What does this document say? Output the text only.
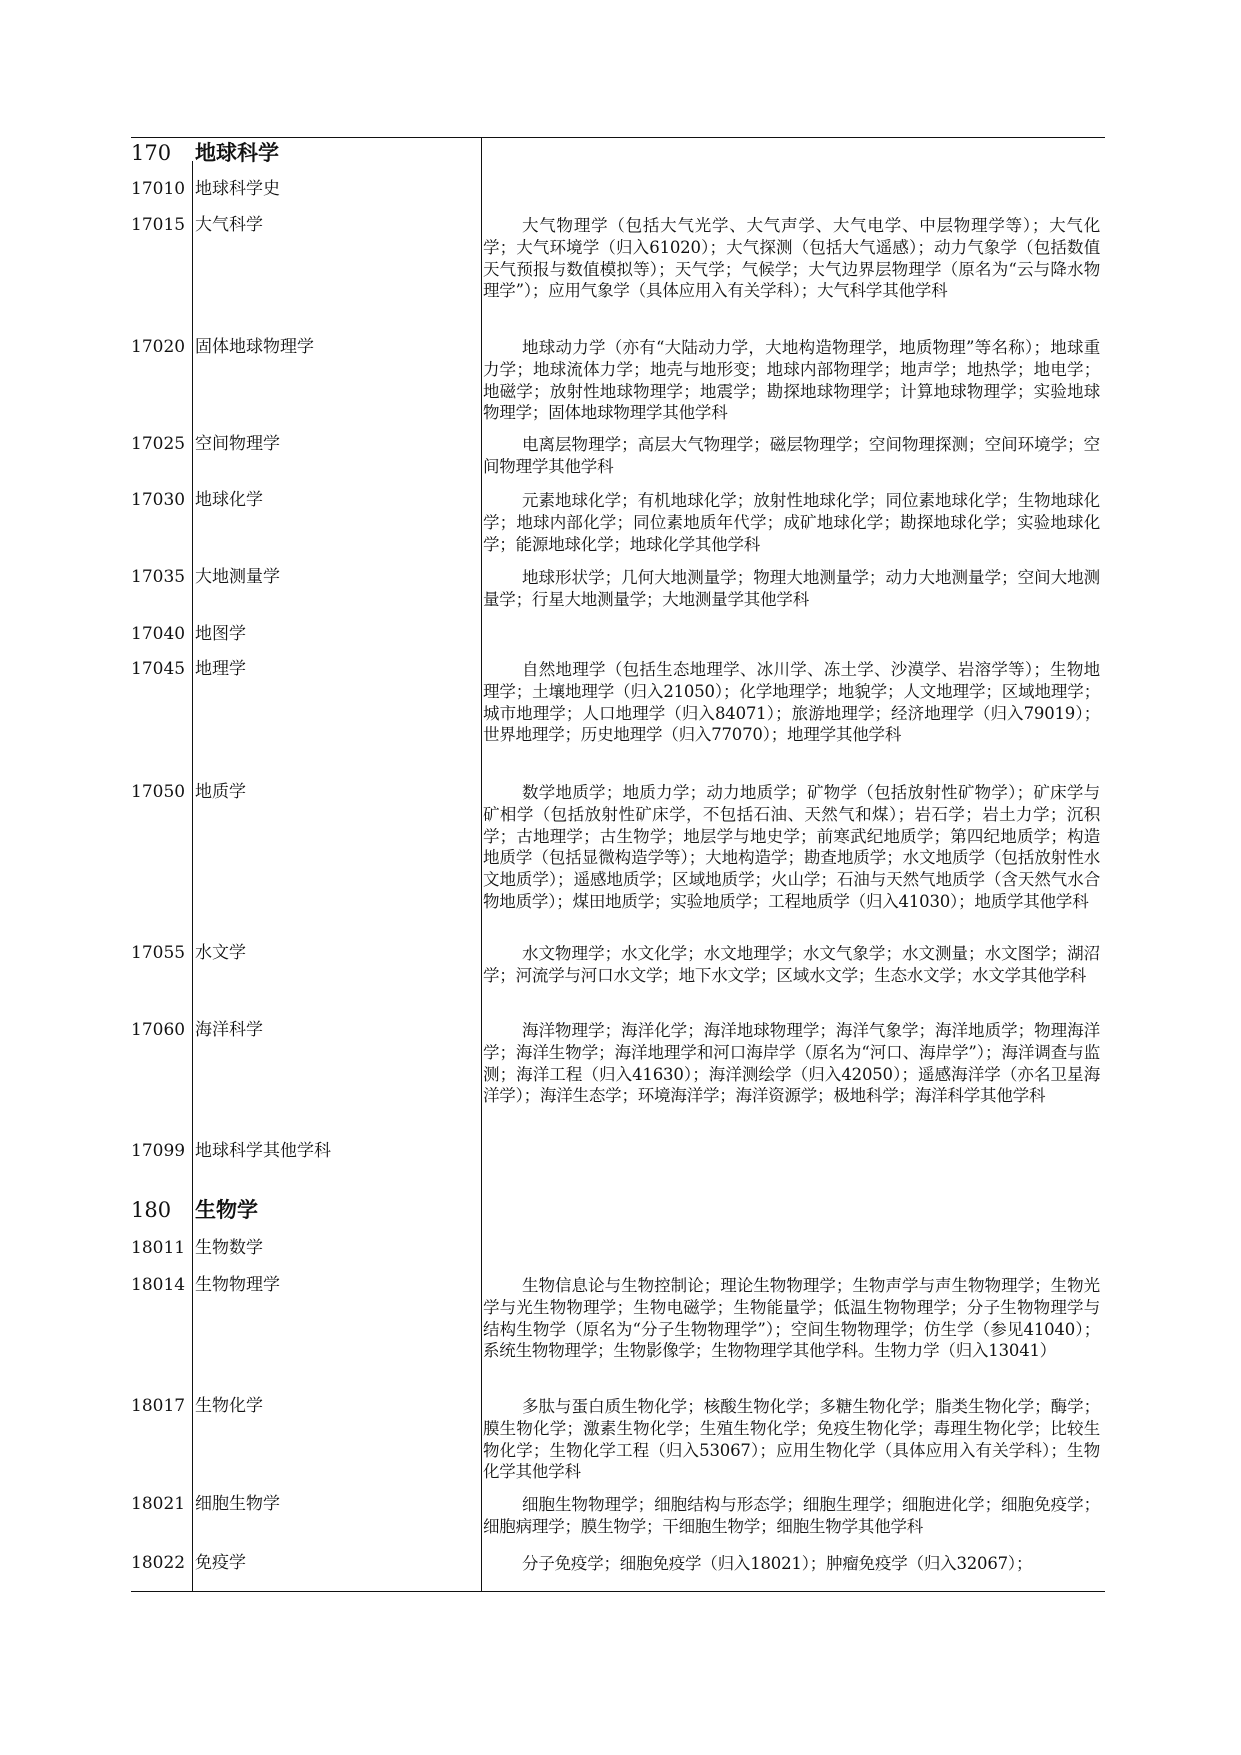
170	地球科学
17010 地球科学史
17015 大气科学	大气物理学（包括大气光学、大气声学、大气电学、中层物理学等）；大气化学；大气环境学（归入61020）；大气探测（包括大气遥感）；动力气象学（包括数值天气预报与数值模拟等）；天气学；气候学；大气边界层物理学（原名为“云与降水物理学”）；应用气象学（具体应用入有关学科）；大气科学其他学科
17020 固体地球物理学	地球动力学（亦有“大陆动力学，大地构造物理学，地质物理”等名称）；地球重力学；地球流体力学；地壳与地形变；地球内部物理学；地声学；地热学；地电学；地磁学；放射性地球物理学；地震学；勘探地球物理学；计算地球物理学；实验地球物理学；固体地球物理学其他学科
17025 空间物理学	电离层物理学；高层大气物理学；磁层物理学；空间物理探测；空间环境学；空间物理学其他学科
17030 地球化学	元素地球化学；有机地球化学；放射性地球化学；同位素地球化学；生物地球化学；地球内部化学；同位素地质年代学；成矿地球化学；勘探地球化学；实验地球化学；能源地球化学；地球化学其他学科
17035 大地测量学	地球形状学；几何大地测量学；物理大地测量学；动力大地测量学；空间大地测量学；行星大地测量学；大地测量学其他学科
17040 地图学
17045 地理学	自然地理学（包括生态地理学、冰川学、冻土学、沙漠学、岩溶学等）；生物地理学；土壤地理学（归入21050）；化学地理学；地貌学；人文地理学；区域地理学；城市地理学；人口地理学（归入84071）；旅游地理学；经济地理学（归入79019）；世界地理学；历史地理学（归入77070）；地理学其他学科
17050 地质学	数学地质学；地质力学；动力地质学；矿物学（包括放射性矿物学）；矿床学与矿相学（包括放射性矿床学，不包括石油、天然气和煤）；岩石学；岩土力学；沉积学；古地理学；古生物学；地层学与地史学；前寒武纪地质学；第四纪地质学；构造地质学（包括显微构造学等）；大地构造学；勘查地质学；水文地质学（包括放射性水文地质学）；遥感地质学；区域地质学；火山学；石油与天然气地质学（含天然气水合物地质学）；煤田地质学；实验地质学；工程地质学（归入41030）；地质学其他学科
17055 水文学	水文物理学；水文化学；水文地理学；水文气象学；水文测量；水文图学；湖沼学；河流学与河口水文学；地下水文学；区域水文学；生态水文学；水文学其他学科
17060 海洋科学	海洋物理学；海洋化学；海洋地球物理学；海洋气象学；海洋地质学；物理海洋学；海洋生物学；海洋地理学和河口海岸学（原名为“河口、海岸学”）；海洋调查与监测；海洋工程（归入41630）；海洋测绘学（归入42050）；遥感海洋学（亦名卫星海洋学）；海洋生态学；环境海洋学；海洋资源学；极地科学；海洋科学其他学科
17099 地球科学其他学科
180	生物学
18011 生物数学
18014 生物物理学	生物信息论与生物控制论；理论生物物理学；生物声学与声生物物理学；生物光学与光生物物理学；生物电磁学；生物能量学；低温生物物理学；分子生物物理学与结构生物学（原名为“分子生物物理学”）；空间生物物理学；仿生学（参见41040）；系统生物物理学；生物影像学；生物物理学其他学科。生物力学（归入13041）
18017 生物化学	多肽与蛋白质生物化学；核酸生物化学；多糖生物化学；脂类生物化学；酶学；膜生物化学；激素生物化学；生殖生物化学；免疫生物化学；毒理生物化学；比较生物化学；生物化学工程（归入53067）；应用生物化学（具体应用入有关学科）；生物化学其他学科
18021 细胞生物学	细胞生物物理学；细胞结构与形态学；细胞生理学；细胞进化学；细胞免疫学；细胞病理学；膜生物学；干细胞生物学；细胞生物学其他学科
18022 免疫学	分子免疫学；细胞免疫学（归入18021）；肿瘤免疫学（归入32067）；
